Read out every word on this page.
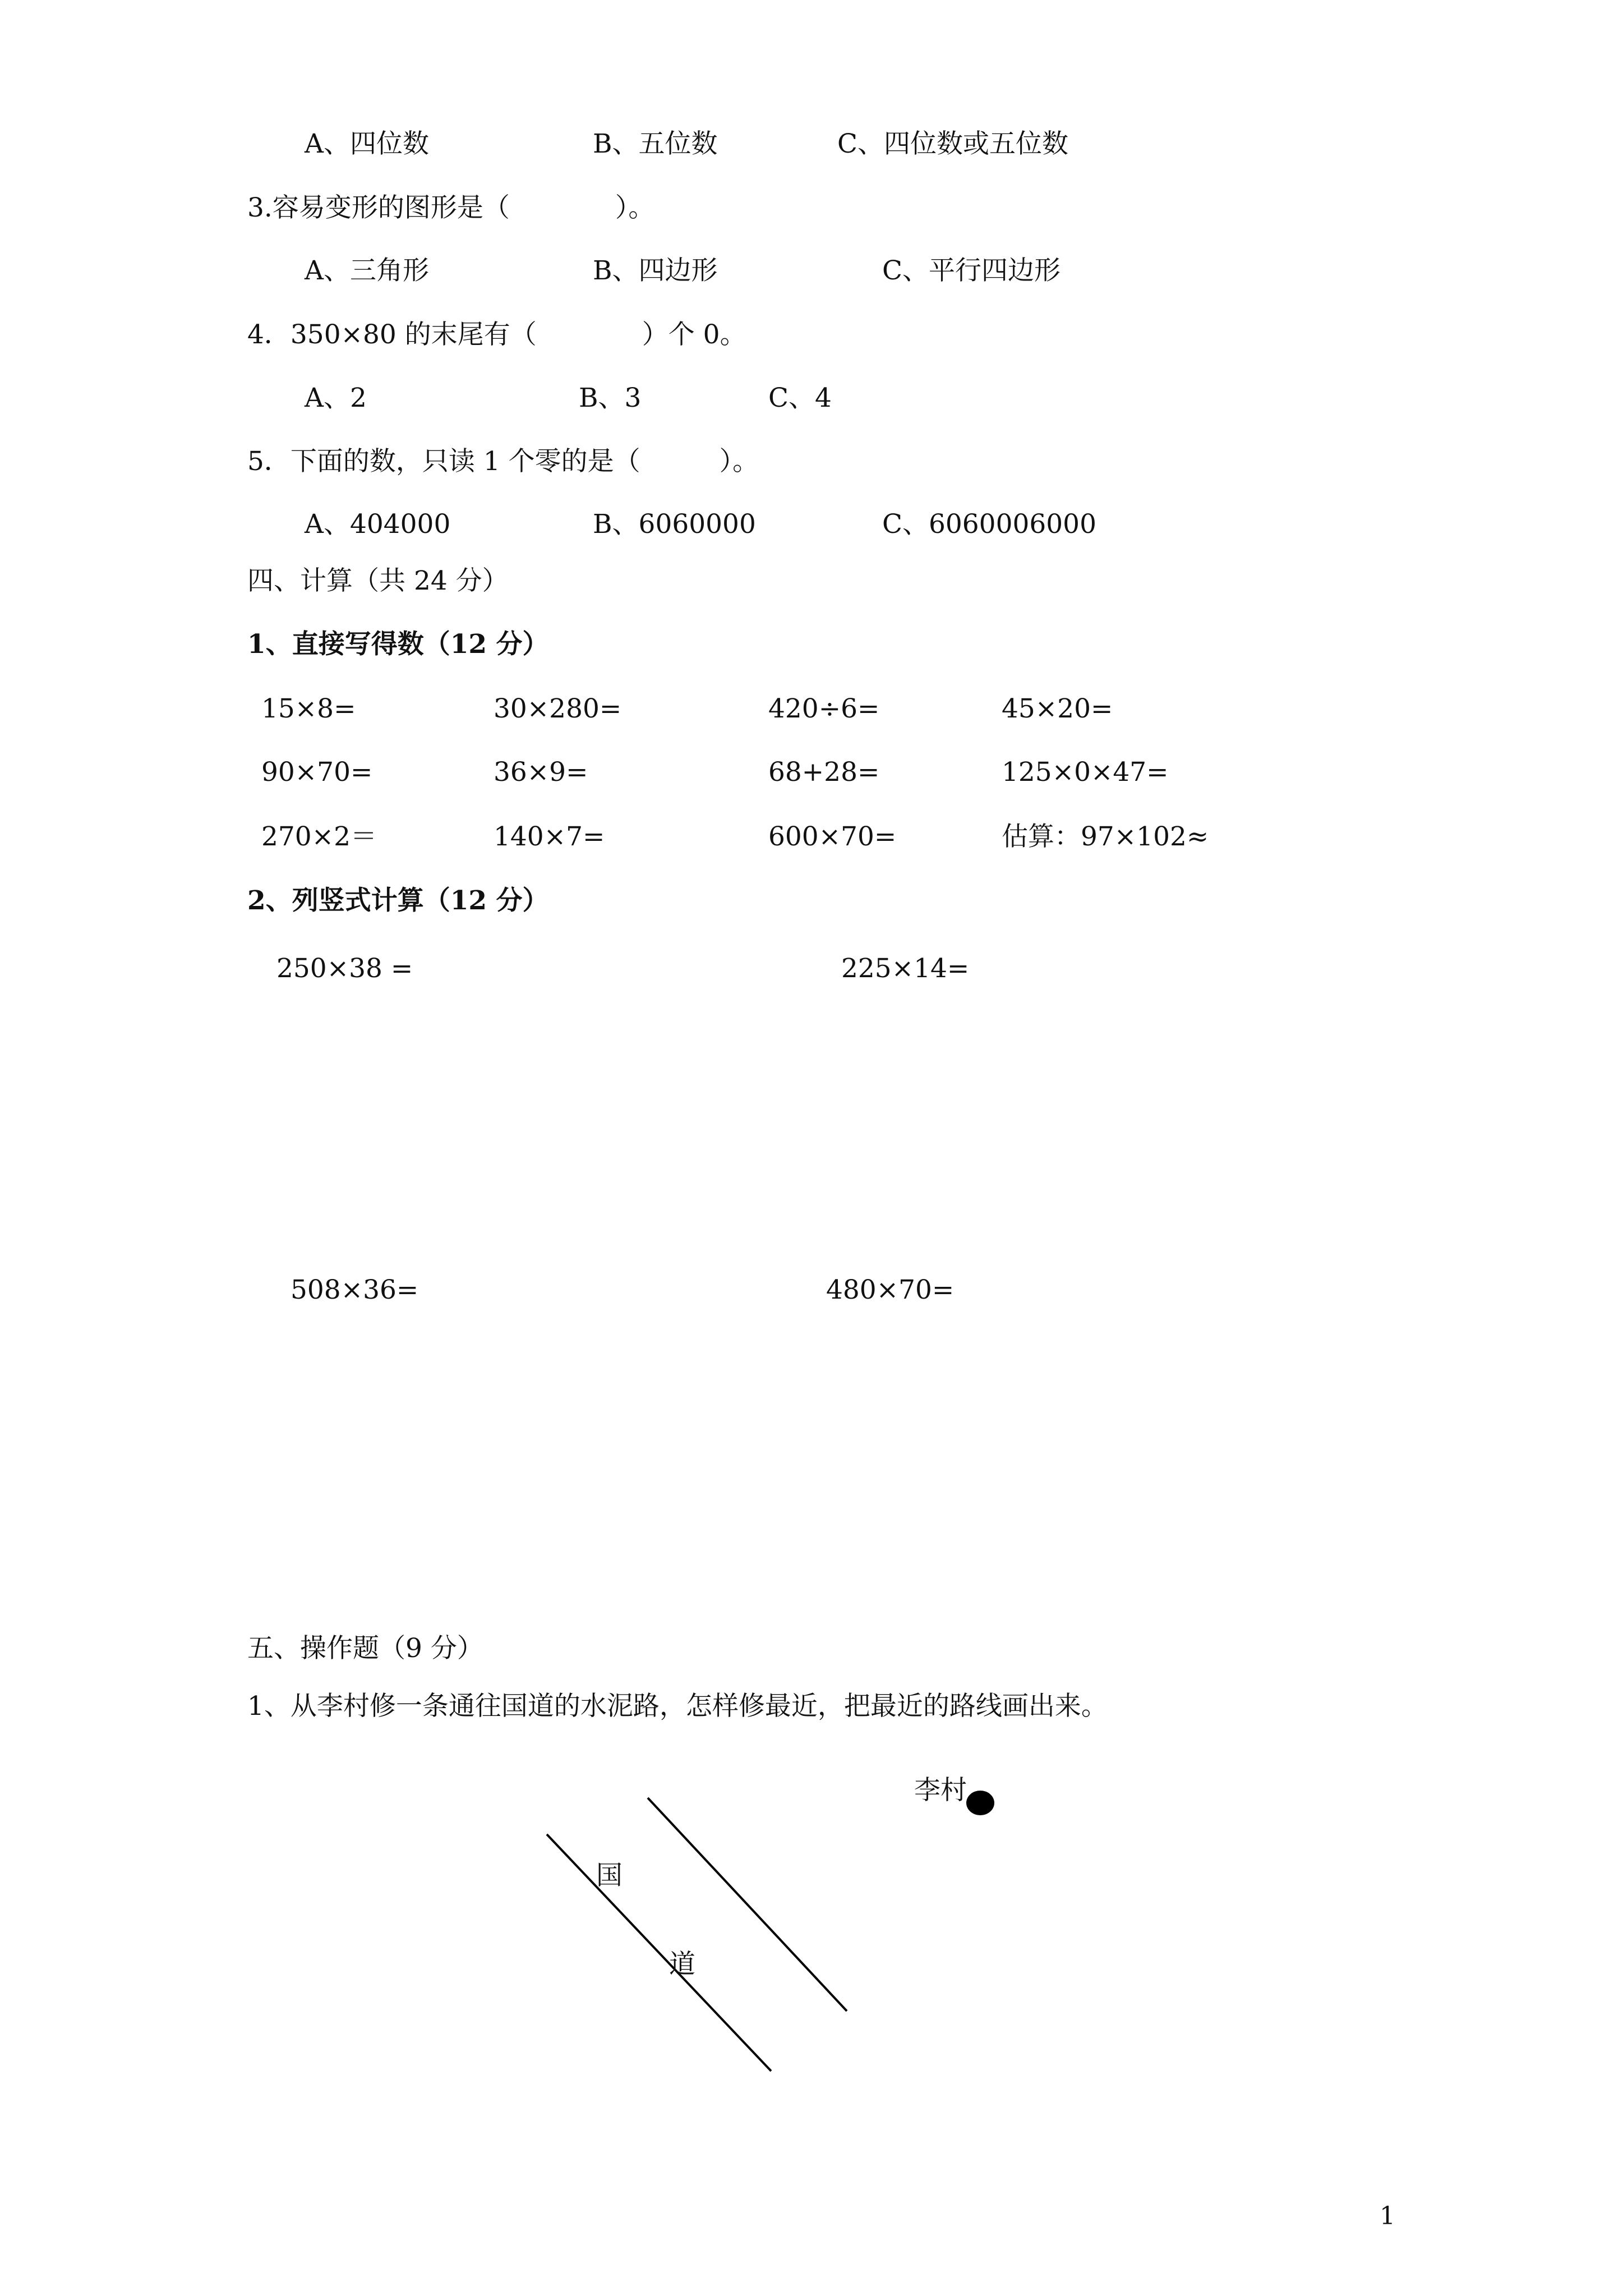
A、四位数	B、五位数	C、四位数或五位数
3.容易变形的图形是（　　　　）。
A、三角形	B、四边形	C、平行四边形
4．350×80 的末尾有（　　　　）个 0。
A、2	B、3	C、4
5．下面的数，只读 1 个零的是（　　　）。
A、404000	B、6060000	C、6060006000
四、计算（共 24 分）
1、直接写得数（12 分）
15×8=	30×280=	420÷6=	45×20=
90×70=	36×9=	68+28=	125×0×47=
270×2＝	140×7=	600×70=	估算：97×102≈
2、列竖式计算（12 分）
250×38 =	225×14=
508×36=	480×70=
五、操作题（9 分）
1、从李村修一条通往国道的水泥路，怎样修最近，把最近的路线画出来。
李村
国
道
1
